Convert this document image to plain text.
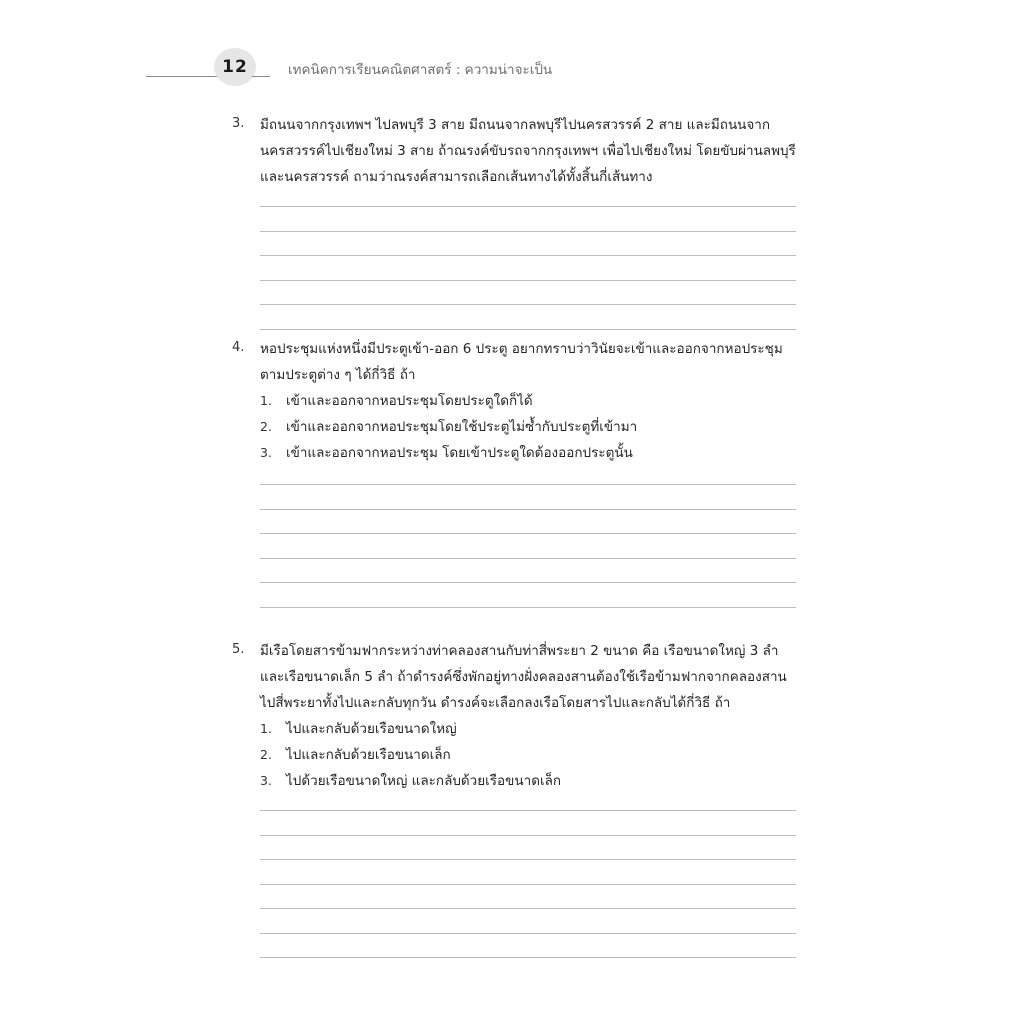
12	เทคนิคการเรียนคณิตศาสตร์ : ความน่าจะเป็น
3. มีถนนจากกรุงเทพฯ ไปลพบุรี 3 สาย มีถนนจากลพบุรีไปนครสวรรค์ 2 สาย และมีถนนจากนครสวรรค์ไปเชียงใหม่ 3 สาย ถ้าณรงค์ขับรถจากกรุงเทพฯ เพื่อไปเชียงใหม่ โดยขับผ่านลพบุรีและนครสวรรค์ ถามว่าณรงค์สามารถเลือกเส้นทางได้ทั้งสิ้นกี่เส้นทาง
4. หอประชุมแห่งหนึ่งมีประตูเข้า-ออก 6 ประตู อยากทราบว่าวินัยจะเข้าและออกจากหอประชุมตามประตูต่าง ๆ ได้กี่วิธี ถ้า
1.	เข้าและออกจากหอประชุมโดยประตูใดก็ได้
2.	เข้าและออกจากหอประชุมโดยใช้ประตูไม่ซ้ำกับประตูที่เข้ามา
3.	เข้าและออกจากหอประชุม โดยเข้าประตูใดต้องออกประตูนั้น
5. มีเรือโดยสารข้ามฟากระหว่างท่าคลองสานกับท่าสี่พระยา 2 ขนาด คือ เรือขนาดใหญ่ 3 ลำ และเรือขนาดเล็ก 5 ลำ ถ้าดำรงค์ซึ่งพักอยู่ทางฝั่งคลองสานต้องใช้เรือข้ามฟากจากคลองสานไปสี่พระยาทั้งไปและกลับทุกวัน ดำรงค์จะเลือกลงเรือโดยสารไปและกลับได้กี่วิธี ถ้า
1.	ไปและกลับด้วยเรือขนาดใหญ่
2.	ไปและกลับด้วยเรือขนาดเล็ก
3.	ไปด้วยเรือขนาดใหญ่ และกลับด้วยเรือขนาดเล็ก
